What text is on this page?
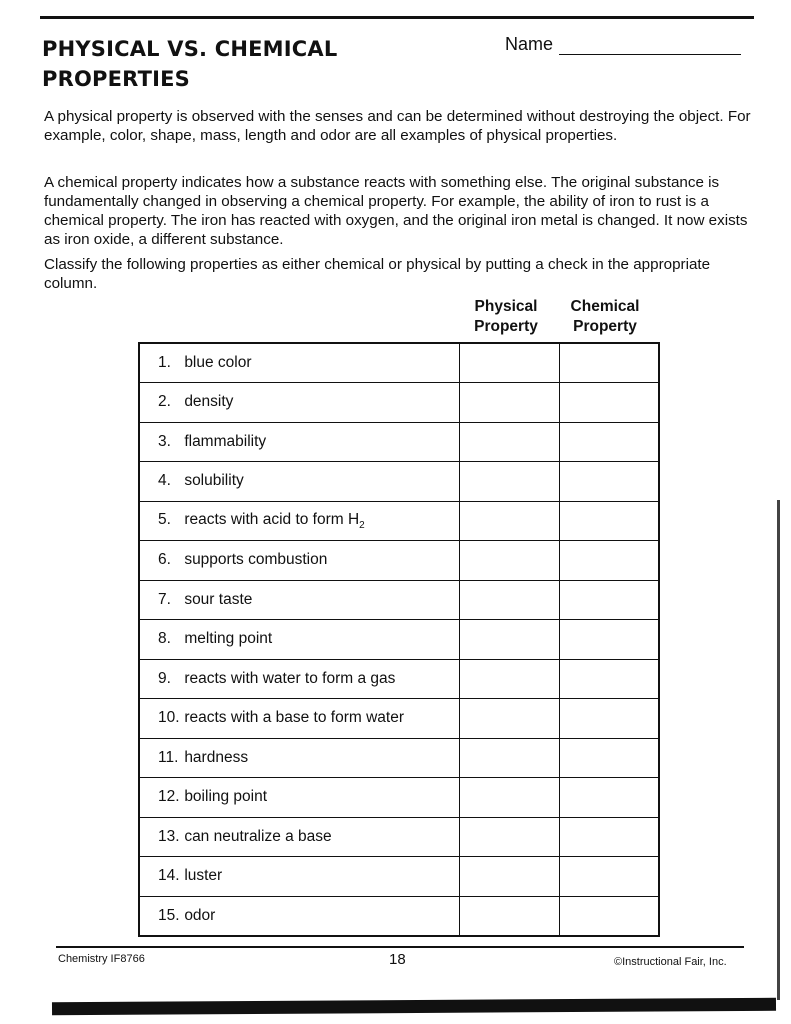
PHYSICAL VS. CHEMICAL
PROPERTIES
Name

A physical property is observed with the senses and can be determined without destroying the object. For example, color, shape, mass, length and odor are all examples of physical properties.

A chemical property indicates how a substance reacts with something else. The original substance is fundamentally changed in observing a chemical property. For example, the ability of iron to rust is a chemical property. The iron has reacted with oxygen, and the original iron metal is changed. It now exists as iron oxide, a different substance.

Classify the following properties as either chemical or physical by putting a check in the appropriate column.

Physical
Property
Chemical
Property
1. blue color		
2. density		
3. flammability		
4. solubility		
5. reacts with acid to form $H_2$		
6. supports combustion		
7. sour taste		
8. melting point		
9. reacts with water to form a gas		
10. reacts with a base to form water		
11. hardness		
12. boiling point		
13. can neutralize a base		
14. luster		
15. odor		
Chemistry IF8766	18	©Instructional Fair, Inc.
